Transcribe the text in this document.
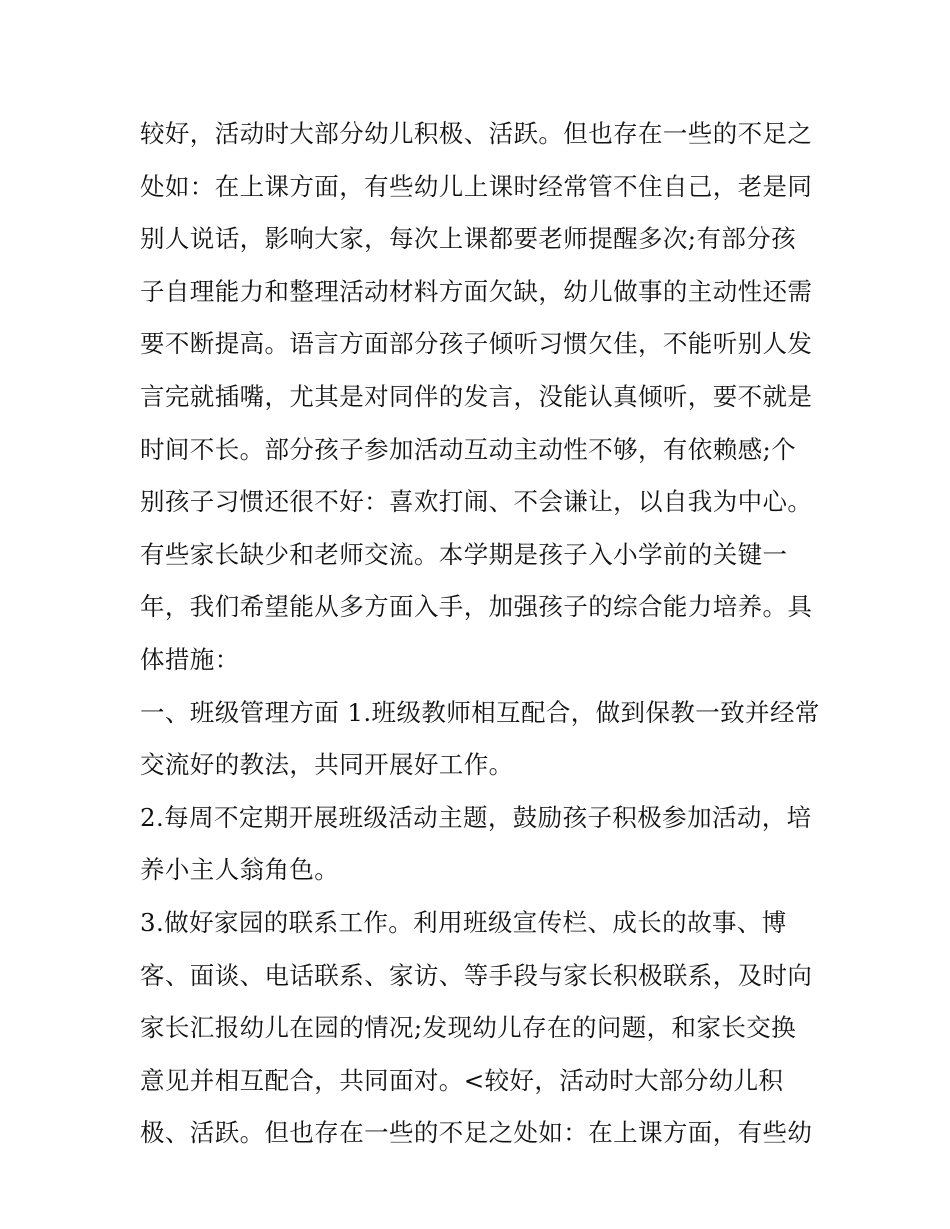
较好，活动时大部分幼儿积极、活跃。但也存在一些的不足之
处如：在上课方面，有些幼儿上课时经常管不住自己，老是同
别人说话，影响大家，每次上课都要老师提醒多次;有部分孩
子自理能力和整理活动材料方面欠缺，幼儿做事的主动性还需
要不断提高。语言方面部分孩子倾听习惯欠佳，不能听别人发
言完就插嘴，尤其是对同伴的发言，没能认真倾听，要不就是
时间不长。部分孩子参加活动互动主动性不够，有依赖感;个
别孩子习惯还很不好：喜欢打闹、不会谦让，以自我为中心。
有些家长缺少和老师交流。本学期是孩子入小学前的关键一
年，我们希望能从多方面入手，加强孩子的综合能力培养。具
体措施：
一、班级管理方面 1.班级教师相互配合，做到保教一致并经常
交流好的教法，共同开展好工作。
2.每周不定期开展班级活动主题，鼓励孩子积极参加活动，培
养小主人翁角色。
3.做好家园的联系工作。利用班级宣传栏、成长的故事、博
客、面谈、电话联系、家访、等手段与家长积极联系，及时向
家长汇报幼儿在园的情况;发现幼儿存在的问题，和家长交换
意见并相互配合，共同面对。<较好，活动时大部分幼儿积
极、活跃。但也存在一些的不足之处如：在上课方面，有些幼
